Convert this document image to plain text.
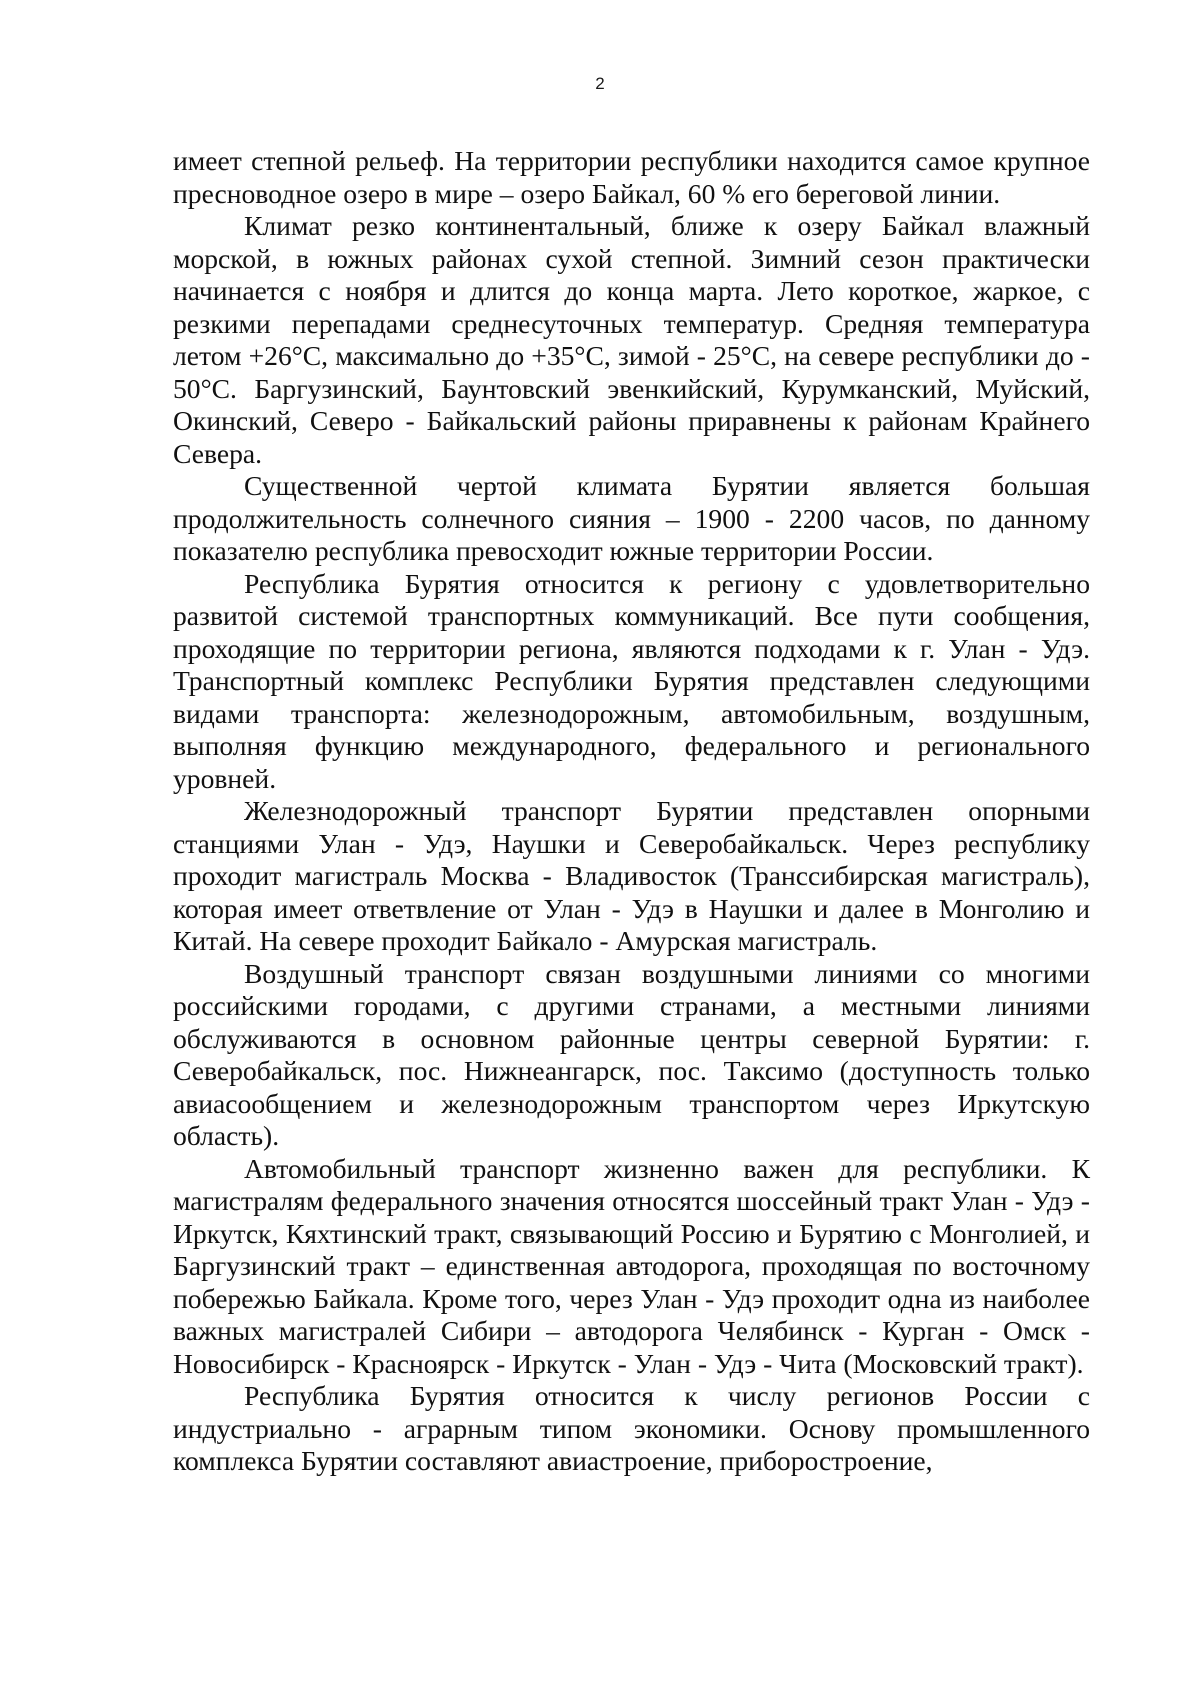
2

имеет степной рельеф. На территории республики находится самое крупное пресноводное озеро в мире – озеро Байкал, 60 % его береговой линии.

Климат резко континентальный, ближе к озеру Байкал влажный морской, в южных районах сухой степной. Зимний сезон практически начинается с ноября и длится до конца марта. Лето короткое, жаркое, с резкими перепадами среднесуточных температур. Средняя температура летом +26°С, максимально до +35°С, зимой - 25°С, на севере республики до - 50°С. Баргузинский, Баунтовский эвенкийский, Курумканский, Муйский, Окинский, Северо - Байкальский районы приравнены к районам Крайнего Севера.

Существенной чертой климата Бурятии является большая продолжительность солнечного сияния – 1900 - 2200 часов, по данному показателю республика превосходит южные территории России.

Республика Бурятия относится к региону с удовлетворительно развитой системой транспортных коммуникаций. Все пути сообщения, проходящие по территории региона, являются подходами к г. Улан - Удэ. Транспортный комплекс Республики Бурятия представлен следующими видами транспорта: железнодорожным, автомобильным, воздушным, выполняя функцию международного, федерального и регионального уровней.

Железнодорожный транспорт Бурятии представлен опорными станциями Улан - Удэ, Наушки и Северобайкальск. Через республику проходит магистраль Москва - Владивосток (Транссибирская магистраль), которая имеет ответвление от Улан - Удэ в Наушки и далее в Монголию и Китай. На севере проходит Байкало - Амурская магистраль.

Воздушный транспорт связан воздушными линиями со многими российскими городами, с другими странами, а местными линиями обслуживаются в основном районные центры северной Бурятии: г. Северобайкальск, пос. Нижнеангарск, пос. Таксимо (доступность только авиасообщением и железнодорожным транспортом через Иркутскую область).

Автомобильный транспорт жизненно важен для республики. К магистралям федерального значения относятся шоссейный тракт Улан - Удэ - Иркутск, Кяхтинский тракт, связывающий Россию и Бурятию с Монголией, и Баргузинский тракт – единственная автодорога, проходящая по восточному побережью Байкала. Кроме того, через Улан - Удэ проходит одна из наиболее важных магистралей Сибири – автодорога Челябинск - Курган - Омск - Новосибирск - Красноярск - Иркутск - Улан - Удэ - Чита (Московский тракт).

Республика Бурятия относится к числу регионов России с индустриально - аграрным типом экономики. Основу промышленного комплекса Бурятии составляют авиастроение, приборостроение,
